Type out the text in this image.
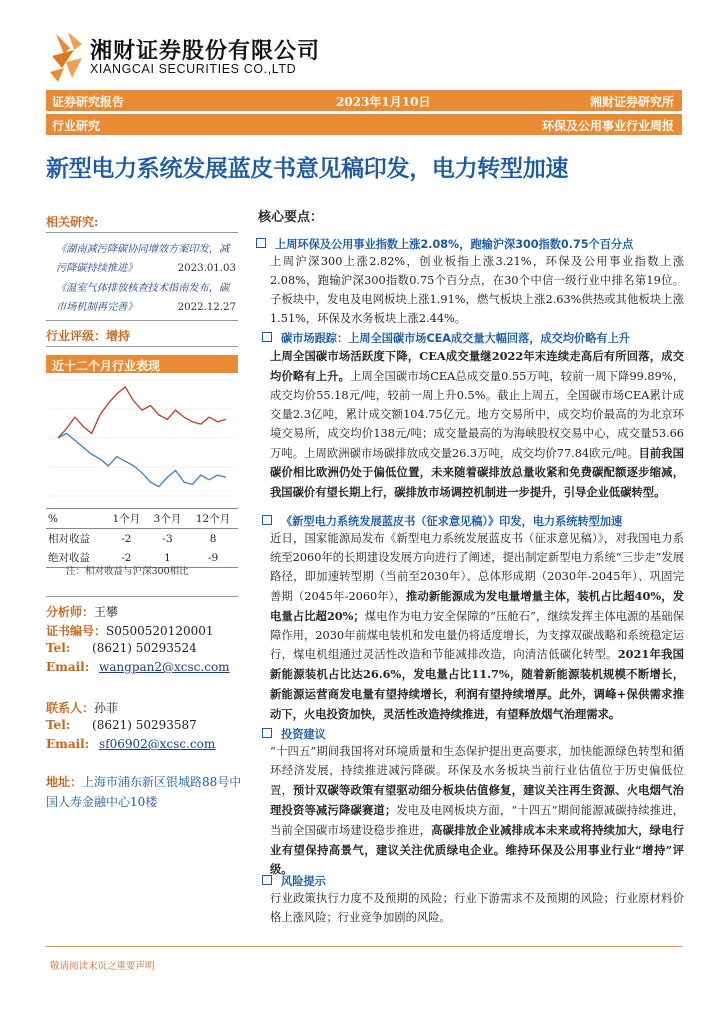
湘财证券股份有限公司
XIANGCAI SECURITIES CO.,LTD
证券研究报告	2023年1月10日	湘财证券研究所
行业研究	环保及公用事业行业周报
新型电力系统发展蓝皮书意见稿印发，电力转型加速
相关研究:
《湖南减污降碳协同增效方案印发，减污降碳持续推进》	2023.01.03
《温室气体排放核查技术指南发布，碳市场机制再完善》	2022.12.27
行业评级：增持
近十二个月行业表现
%	1个月	3个月	12个月
相对收益	-2	-3	8
绝对收益	-2	1	-9
注：相对收益与沪深300相比
分析师：王攀
证书编号：S0500520120001
Tel: (8621) 50293524
Email: wangpan2@xcsc.com
联系人：孙菲
Tel: (8621) 50293587
Email: sf06902@xcsc.com
地址：上海市浦东新区银城路88号中国人寿金融中心10楼
核心要点：
上周环保及公用事业指数上涨2.08%，跑输沪深300指数0.75个百分点
上周沪深300上涨2.82%，创业板指上涨3.21%，环保及公用事业指数上涨2.08%，跑输沪深300指数0.75个百分点，在30个中信一级行业中排名第19位。子板块中，发电及电网板块上涨1.91%，燃气板块上涨2.63%供热或其他板块上涨1.51%，环保及水务板块上涨2.44%。
碳市场跟踪：上周全国碳市场CEA成交量大幅回落，成交均价略有上升
上周全国碳市场活跃度下降，CEA成交量继2022年末连续走高后有所回落，成交均价略有上升。上周全国碳市场CEA总成交量0.55万吨，较前一周下降99.89%，成交均价55.18元/吨，较前一周上升0.5%。截止上周五，全国碳市场CEA累计成交量2.3亿吨，累计成交额104.75亿元。地方交易所中，成交均价最高的为北京环境交易所，成交均价138元/吨；成交量最高的为海峡股权交易中心，成交量53.66万吨。上周欧洲碳市场碳排放成交量26.3万吨，成交均价77.84欧元/吨。目前我国碳价相比欧洲仍处于偏低位置，未来随着碳排放总量收紧和免费碳配额逐步缩减，我国碳价有望长期上行，碳排放市场调控机制进一步提升，引导企业低碳转型。
《新型电力系统发展蓝皮书（征求意见稿）》印发，电力系统转型加速
近日，国家能源局发布《新型电力系统发展蓝皮书（征求意见稿）》，对我国电力系统至2060年的长期建设发展方向进行了阐述，提出制定新型电力系统“三步走”发展路径，即加速转型期（当前至2030年）、总体形成期（2030年-2045年）、巩固完善期（2045年-2060年），推动新能源成为发电量增量主体，装机占比超40%，发电量占比超20%；煤电作为电力安全保障的“压舱石”，继续发挥主体电源的基础保障作用，2030年前煤电装机和发电量仍将适度增长，为支撑双碳战略和系统稳定运行，煤电机组通过灵活性改造和节能减排改造，向清洁低碳化转型。2021年我国新能源装机占比达26.6%，发电量占比11.7%，随着新能源装机规模不断增长，新能源运营商发电量有望持续增长，利润有望持续增厚。此外，调峰+保供需求推动下，火电投资加快，灵活性改造持续推进，有望释放烟气治理需求。
投资建议
“十四五”期间我国将对环境质量和生态保护提出更高要求，加快能源绿色转型和循环经济发展，持续推进减污降碳。环保及水务板块当前行业估值位于历史偏低位置，预计双碳等政策有望驱动细分板块估值修复，建议关注再生资源、火电烟气治理投资等减污降碳赛道；发电及电网板块方面，“十四五”期间能源减碳持续推进，当前全国碳市场建设稳步推进，高碳排放企业减排成本未来或将持续加大，绿电行业有望保持高景气，建议关注优质绿电企业。维持环保及公用事业行业“增持”评级。
风险提示
行业政策执行力度不及预期的风险；行业下游需求不及预期的风险；行业原材料价格上涨风险；行业竞争加剧的风险。
敬请阅读末页之重要声明
